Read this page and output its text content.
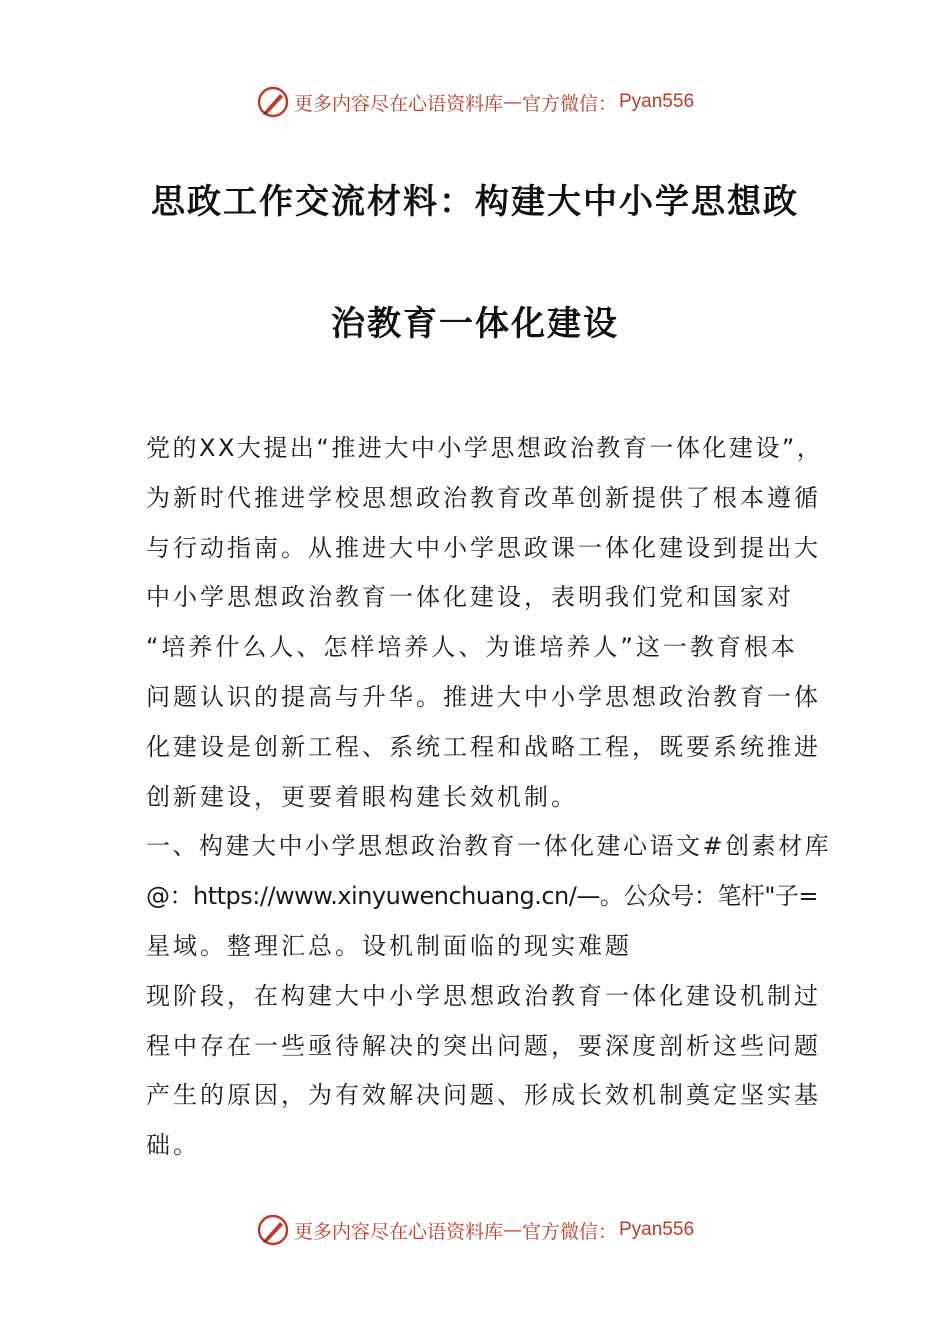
更多内容尽在心语资料库 — 官方微信： Pyan556
思政工作交流材料：构建大中小学思想政
治教育一体化建设
党的XX大提出“推进大中小学思想政治教育一体化建设”，
为新时代推进学校思想政治教育改革创新提供了根本遵循
与行动指南。从推进大中小学思政课一体化建设到提出大
中小学思想政治教育一体化建设，表明我们党和国家对
“培养什么人、怎样培养人、为谁培养人”这一教育根本
问题认识的提高与升华。推进大中小学思想政治教育一体
化建设是创新工程、系统工程和战略工程，既要系统推进
创新建设，更要着眼构建长效机制。
一、构建大中小学思想政治教育一体化建心语文#创素材库
@：https://www.xinyuwenchuang.cn/—。公众号：笔杆"子=
星域。整理汇总。设机制面临的现实难题
现阶段，在构建大中小学思想政治教育一体化建设机制过
程中存在一些亟待解决的突出问题，要深度剖析这些问题
产生的原因，为有效解决问题、形成长效机制奠定坚实基
础。
更多内容尽在心语资料库 — 官方微信： Pyan556
